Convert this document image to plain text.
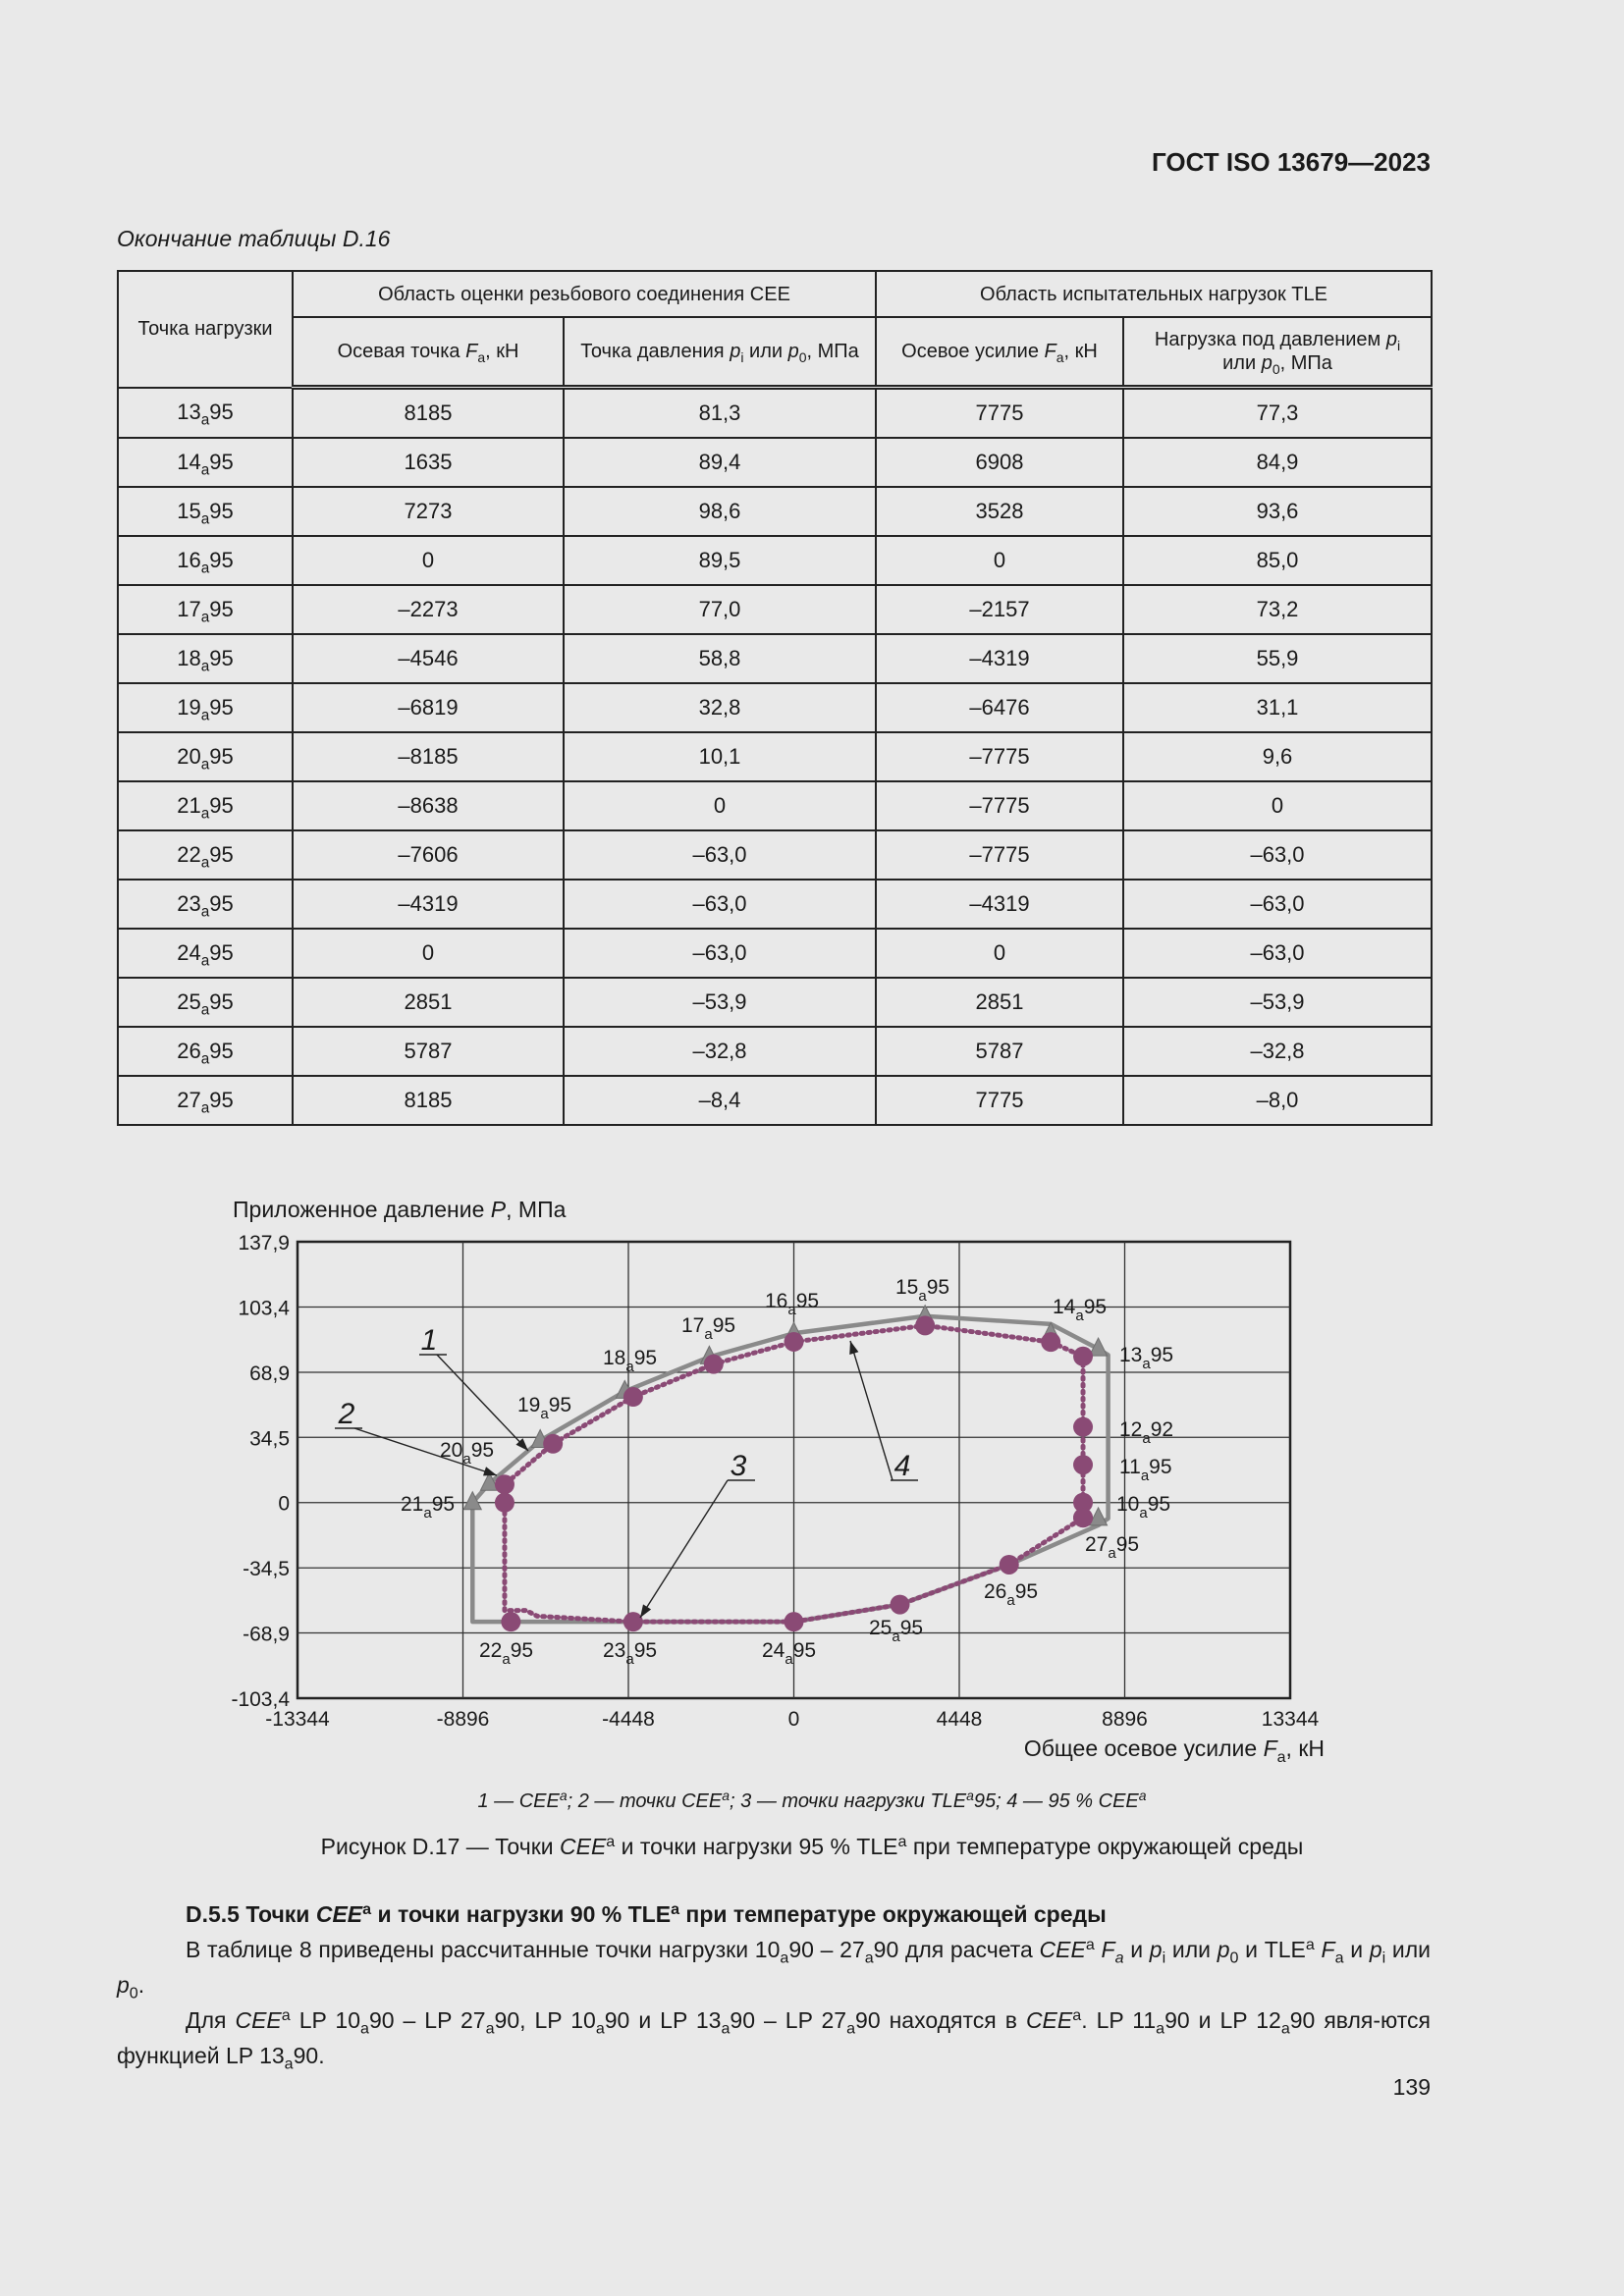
ГОСТ ISO 13679—2023
Окончание таблицы D.16
Точка нагрузки	Область оценки резьбового соединения CEE		Область испытательных нагрузок TLE	
	Осевая точка $F_a$, кН	Точка давления $p_i$ или $p_0$, МПа	Осевое усилие $F_a$, кН	Нагрузка под давлением $p_i$
или $p_0$, МПа
$13_a95$	8185	81,3	7775	77,3
$14_a95$	1635	89,4	6908	84,9
$15_a95$	7273	98,6	3528	93,6
$16_a95$	0	89,5	0	85,0
$17_a95$	–2273	77,0	–2157	73,2
$18_a95$	–4546	58,8	–4319	55,9
$19_a95$	–6819	32,8	–6476	31,1
$20_a95$	–8185	10,1	–7775	9,6
$21_a95$	–8638	0	–7775	0
$22_a95$	–7606	–63,0	–7775	–63,0
$23_a95$	–4319	–63,0	–4319	–63,0
$24_a95$	0	–63,0	0	–63,0
$25_a95$	2851	–53,9	2851	–53,9
$26_a95$	5787	–32,8	5787	–32,8
$27_a95$	8185	–8,4	7775	–8,0
-13344	-8896	-4448	0	4448	8896	13344
137,9
103,4
68,9
34,5
0
-34,5
-68,9
-103,4
Приложенное давление P, МПа
Общее осевое усилие $F_a$, кН
$13_a95$
$14_a95$
$15_a95$
$16_a95$
$17_a95$
$18_a95$
$19_a95$
$20_a95$
$21_a95$
$22_a95$	$23_a95$	$24_a95$
$25_a95$
$26_a95$
$27_a95$
$12_a92$
$11_a95$
$10_a95$
1
2
3	4
1 — CEE$^a$; 2 — точки CEE$^a$; 3 — точки нагрузки TLE$^a$95; 4 — 95 % CEE$^a$
Рисунок D.17 — Точки CEE$^a$ и точки нагрузки 95 % TLE$^a$ при температуре окружающей среды
D.5.5 Точки CEE$^a$ и точки нагрузки 90 % TLE$^a$ при температуре окружающей среды

В таблице 8 приведены рассчитанные точки нагрузки $10_a90 - 27_a90$ для расчета CEE$^a$ $F_a$ и $p_i$ или $p_0$ и TLE$^a$ $F_a$ и $p_i$ или $p_0$.

Для CEE$^a$ LP $10_a90$ – LP $27_a90$, LP $10_a90$ и LP $13_a90$ – LP $27_a90$ находятся в CEE$^a$. LP $11_a90$ и LP $12_a90$ явля-ются функцией LP $13_a90$.

139
